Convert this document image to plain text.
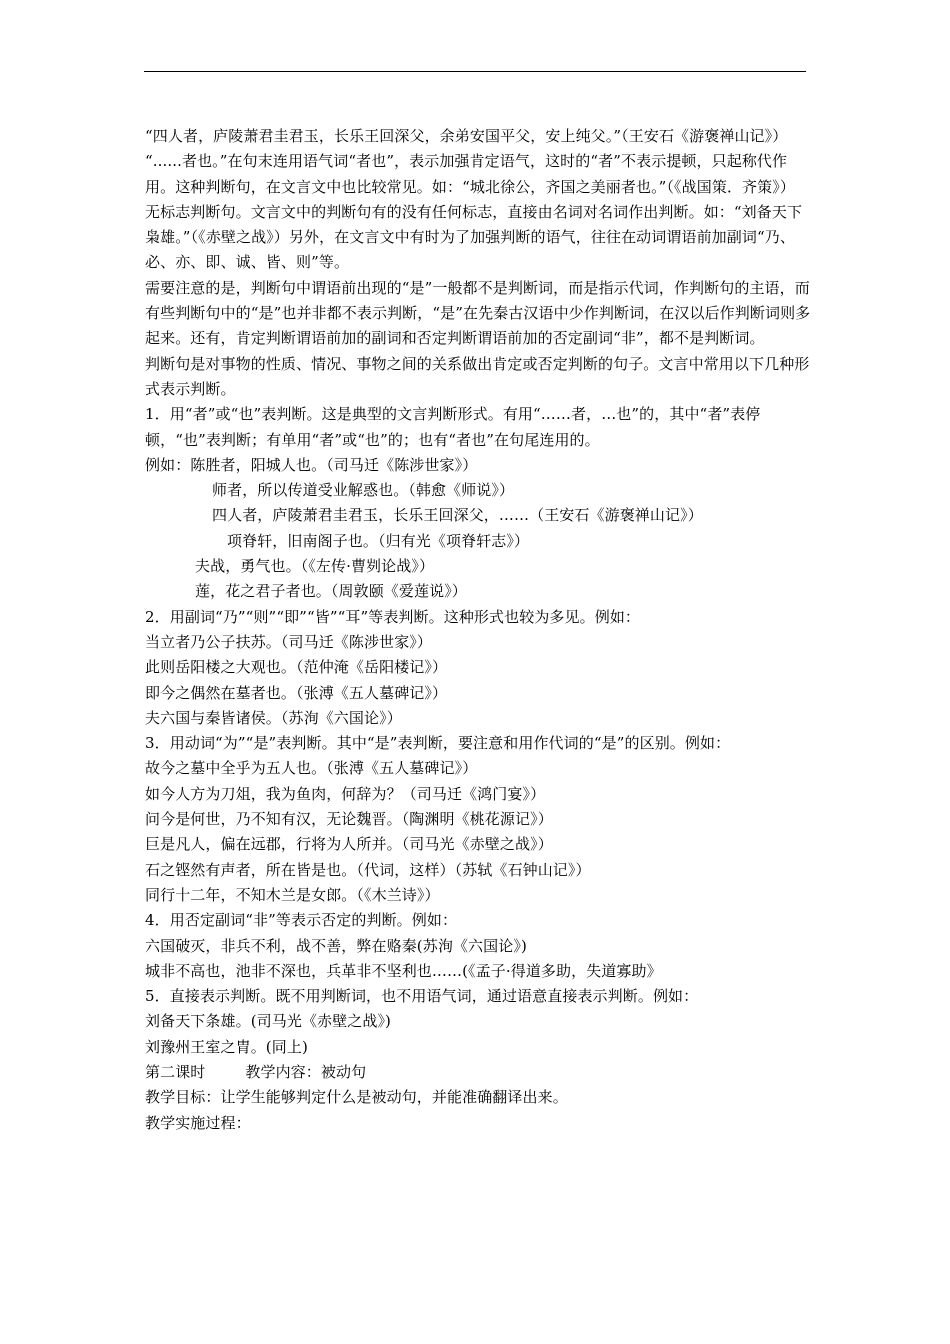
“四人者，庐陵萧君圭君玉，长乐王回深父，余弟安国平父，安上纯父。”（王安石《游褒禅山记》）

“......者也。”在句末连用语气词“者也”，表示加强肯定语气，这时的“者”不表示提顿，只起称代作用。这种判断句，在文言文中也比较常见。如：“城北徐公，齐国之美丽者也。”（《战国策．齐策》）

无标志判断句。文言文中的判断句有的没有任何标志，直接由名词对名词作出判断。如：“刘备天下枭雄。”（《赤壁之战》）另外，在文言文中有时为了加强判断的语气，往往在动词谓语前加副词“乃、必、亦、即、诚、皆、则”等。

需要注意的是，判断句中谓语前出现的“是”一般都不是判断词，而是指示代词，作判断句的主语，而有些判断句中的“是”也并非都不表示判断，“是”在先秦古汉语中少作判断词，在汉以后作判断词则多起来。还有，肯定判断谓语前加的副词和否定判断谓语前加的否定副词“非”，都不是判断词。

判断句是对事物的性质、情况、事物之间的关系做出肯定或否定判断的句子。文言中常用以下几种形式表示判断。

1．用“者”或“也”表判断。这是典型的文言判断形式。有用“……者，…也”的，其中“者”表停顿，“也”表判断；有单用“者”或“也”的；也有“者也”在句尾连用的。

例如：陈胜者，阳城人也。（司马迁《陈涉世家》）

师者，所以传道受业解惑也。（韩愈《师说》）

四人者，庐陵萧君圭君玉，长乐王回深父，……（王安石《游褒禅山记》）

项脊轩，旧南阁子也。（归有光《项脊轩志》）

夫战，勇气也。（《左传·曹刿论战》）

莲，花之君子者也。（周敦颐《爱莲说》）

2．用副词“乃”“则”“即”“皆”“耳”等表判断。这种形式也较为多见。例如：

当立者乃公子扶苏。（司马迁《陈涉世家》）

此则岳阳楼之大观也。（范仲淹《岳阳楼记》）

即今之偶然在墓者也。（张溥《五人墓碑记》）

夫六国与秦皆诸侯。（苏洵《六国论》）

3．用动词“为”“是”表判断。其中“是”表判断，要注意和用作代词的“是”的区别。例如：

故今之墓中全乎为五人也。（张溥《五人墓碑记》）

如今人方为刀俎，我为鱼肉，何辞为？（司马迁《鸿门宴》）

问今是何世，乃不知有汉，无论魏晋。（陶渊明《桃花源记》）

巨是凡人，偏在远郡，行将为人所并。（司马光《赤壁之战》）

石之铿然有声者，所在皆是也。（代词，这样）（苏轼《石钟山记》）

同行十二年，不知木兰是女郎。（《木兰诗》）

4．用否定副词“非”等表示否定的判断。例如：

六国破灭，非兵不利，战不善，弊在赂秦(苏洵《六国论》)

城非不高也，池非不深也，兵革非不坚利也……(《孟子·得道多助，失道寡助》

5．直接表示判断。既不用判断词，也不用语气词，通过语意直接表示判断。例如：

刘备天下条雄。(司马光《赤壁之战》)

刘豫州王室之胄。(同上)

第二课时	教学内容：被动句

教学目标：让学生能够判定什么是被动句，并能准确翻译出来。

教学实施过程：
